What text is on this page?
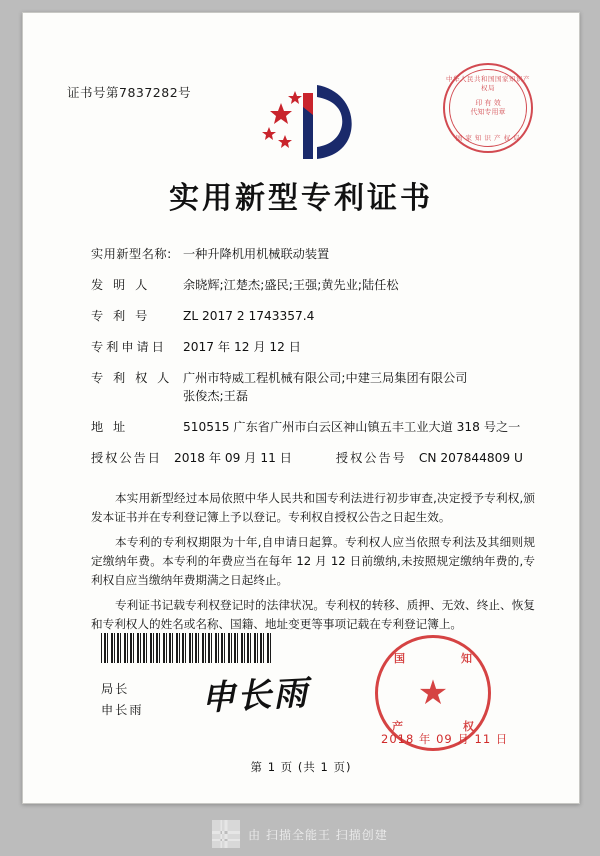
证书号第7837282号
中华人民共和国国家知识产权局
印 有 效
代知专用章
国 家 知 识 产 权 局
实用新型专利证书
实用新型名称: 一种升降机用机械联动装置
发 明 人	余晓辉;江楚杰;盛民;王强;黄先业;陆任松
专 利 号	ZL 2017 2 1743357.4
专利申请日	2017 年 12 月 12 日
专 利 权 人 广州市特威工程机械有限公司;中建三局集团有限公司
张俊杰;王磊
地 址	510515 广东省广州市白云区神山镇五丰工业大道 318 号之一
授权公告日 2018 年 09 月 11 日	授权公告号 CN 207844809 U

本实用新型经过本局依照中华人民共和国专利法进行初步审查,决定授予专利权,颁发本证书并在专利登记簿上予以登记。专利权自授权公告之日起生效。

本专利的专利权期限为十年,自申请日起算。专利权人应当依照专利法及其细则规定缴纳年费。本专利的年费应当在每年 12 月 12 日前缴纳,未按照规定缴纳年费的,专利权自应当缴纳年费期满之日起终止。

专利证书记载专利权登记时的法律状况。专利权的转移、质押、无效、终止、恢复和专利权人的姓名或名称、国籍、地址变更等事项记载在专利登记簿上。

局长
申长雨 申长雨	★
国	知
产	权
2018 年 09 月 11 日
第 1 页 (共 1 页)
由 扫描全能王 扫描创建
